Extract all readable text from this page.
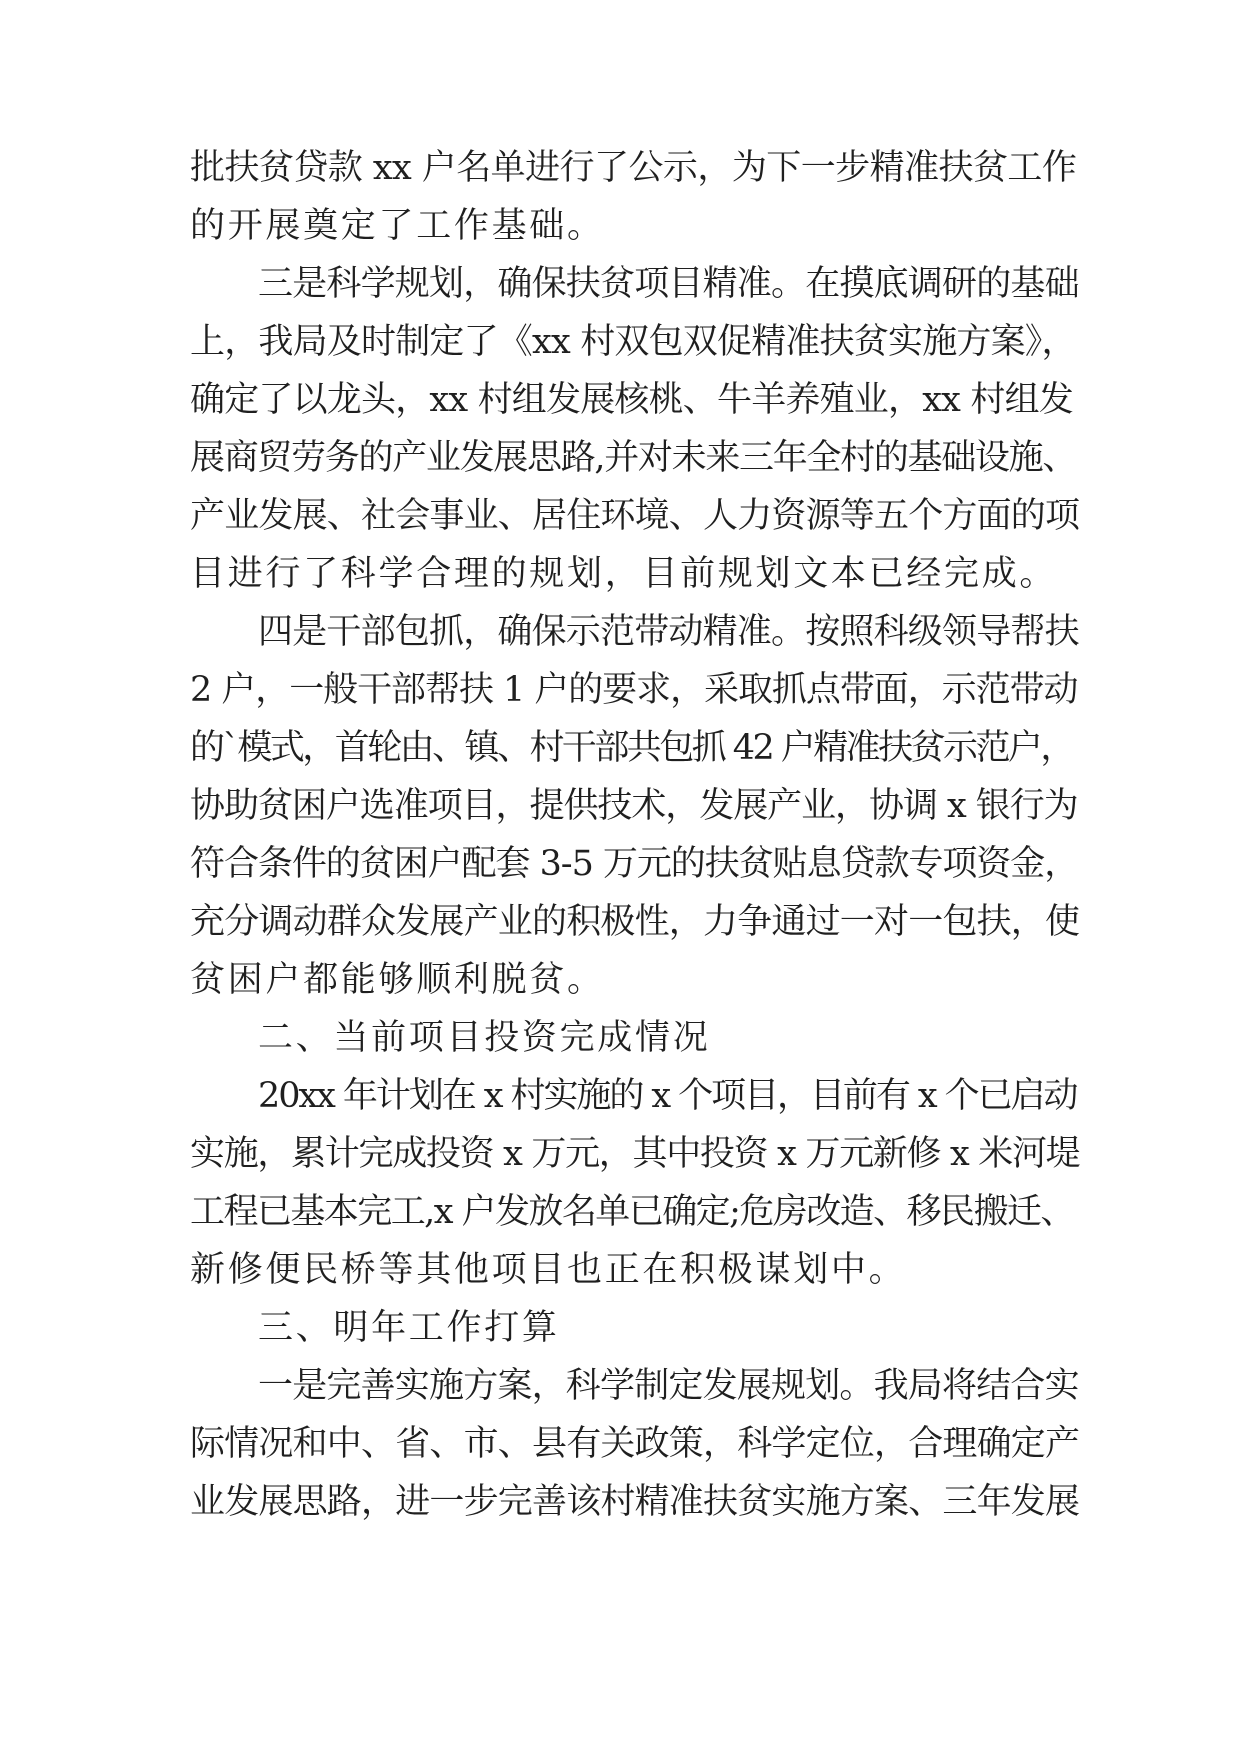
批扶贫贷款 xx 户名单进行了公示，为下一步精准扶贫工作
的开展奠定了工作基础。
三是科学规划，确保扶贫项目精准。在摸底调研的基础
上，我局及时制定了《xx 村双包双促精准扶贫实施方案》，
确定了以龙头，xx 村组发展核桃、牛羊养殖业，xx 村组发
展商贸劳务的产业发展思路,并对未来三年全村的基础设施、
产业发展、社会事业、居住环境、人力资源等五个方面的项
目进行了科学合理的规划，目前规划文本已经完成。
四是干部包抓，确保示范带动精准。按照科级领导帮扶
2 户，一般干部帮扶 1 户的要求，采取抓点带面，示范带动
的`模式，首轮由、镇、村干部共包抓 42 户精准扶贫示范户，
协助贫困户选准项目，提供技术，发展产业，协调 x 银行为
符合条件的贫困户配套 3-5 万元的扶贫贴息贷款专项资金，
充分调动群众发展产业的积极性，力争通过一对一包扶，使
贫困户都能够顺利脱贫。
二、当前项目投资完成情况
20xx 年计划在 x 村实施的 x 个项目，目前有 x 个已启动
实施，累计完成投资 x 万元，其中投资 x 万元新修 x 米河堤
工程已基本完工,x 户发放名单已确定;危房改造、移民搬迁、
新修便民桥等其他项目也正在积极谋划中。
三、明年工作打算
一是完善实施方案，科学制定发展规划。我局将结合实
际情况和中、省、市、县有关政策，科学定位，合理确定产
业发展思路，进一步完善该村精准扶贫实施方案、三年发展
